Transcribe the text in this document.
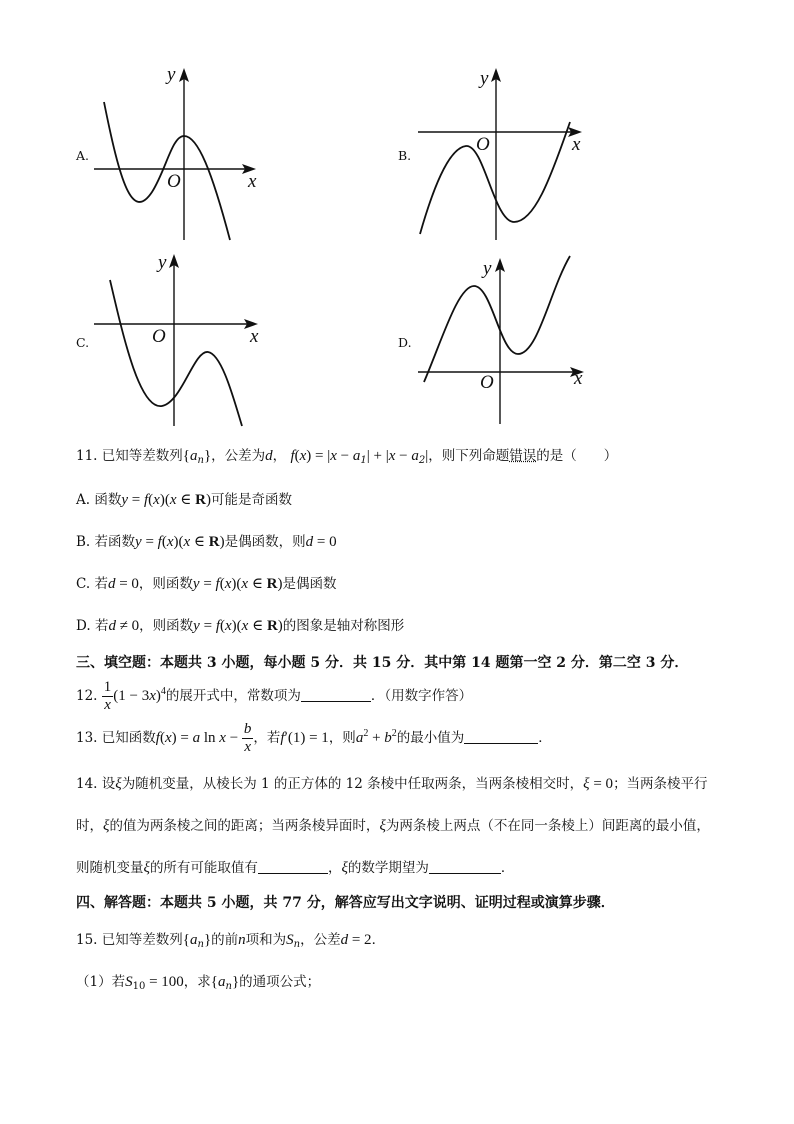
A.
y
x
O
B.
y
x
O
C.
y
x
O	D.
y
x
O
11. 已知等差数列$\{a_n\}$，公差为d， $f(x) = |x - a_1| + |x - a_2|$，则下列命题错误的是（　　）
A. 函数y = f(x)(x ∈ R)可能是奇函数
B. 若函数y = f(x)(x ∈ R)是偶函数，则d = 0
C. 若d = 0，则函数y = f(x)(x ∈ R)是偶函数
D. 若d ≠ 0，则函数y = f(x)(x ∈ R)的图象是轴对称图形
三、填空题：本题共 3 小题，每小题 5 分．共 15 分．其中第 14 题第一空 2 分．第二空 3 分．
12. $\frac{1}{x} (1 - 3x)^4$的展开式中，常数项为	．（用数字作答）
13. 已知函数f(x) = a $\ln x - \frac{b}{x}$ ，若f′(1) = 1，则$a^2 + b^2$的最小值为	．
14. 设ξ为随机变量，从棱长为 1 的正方体的 12 条棱中任取两条，当两条棱相交时，ξ = 0；当两条棱平行
时，ξ的值为两条棱之间的距离；当两条棱异面时，ξ为两条棱上两点（不在同一条棱上）间距离的最小值，
则随机变量ξ的所有可能取值有	，ξ的数学期望为	．
四、解答题：本题共 5 小题，共 77 分，解答应写出文字说明、证明过程或演算步骤．
15. 已知等差数列$\{a_n\}$的前n项和为$S_n$，公差d = 2．
（1）若$S_{10} = 100$，求$\{a_n\}$的通项公式；
